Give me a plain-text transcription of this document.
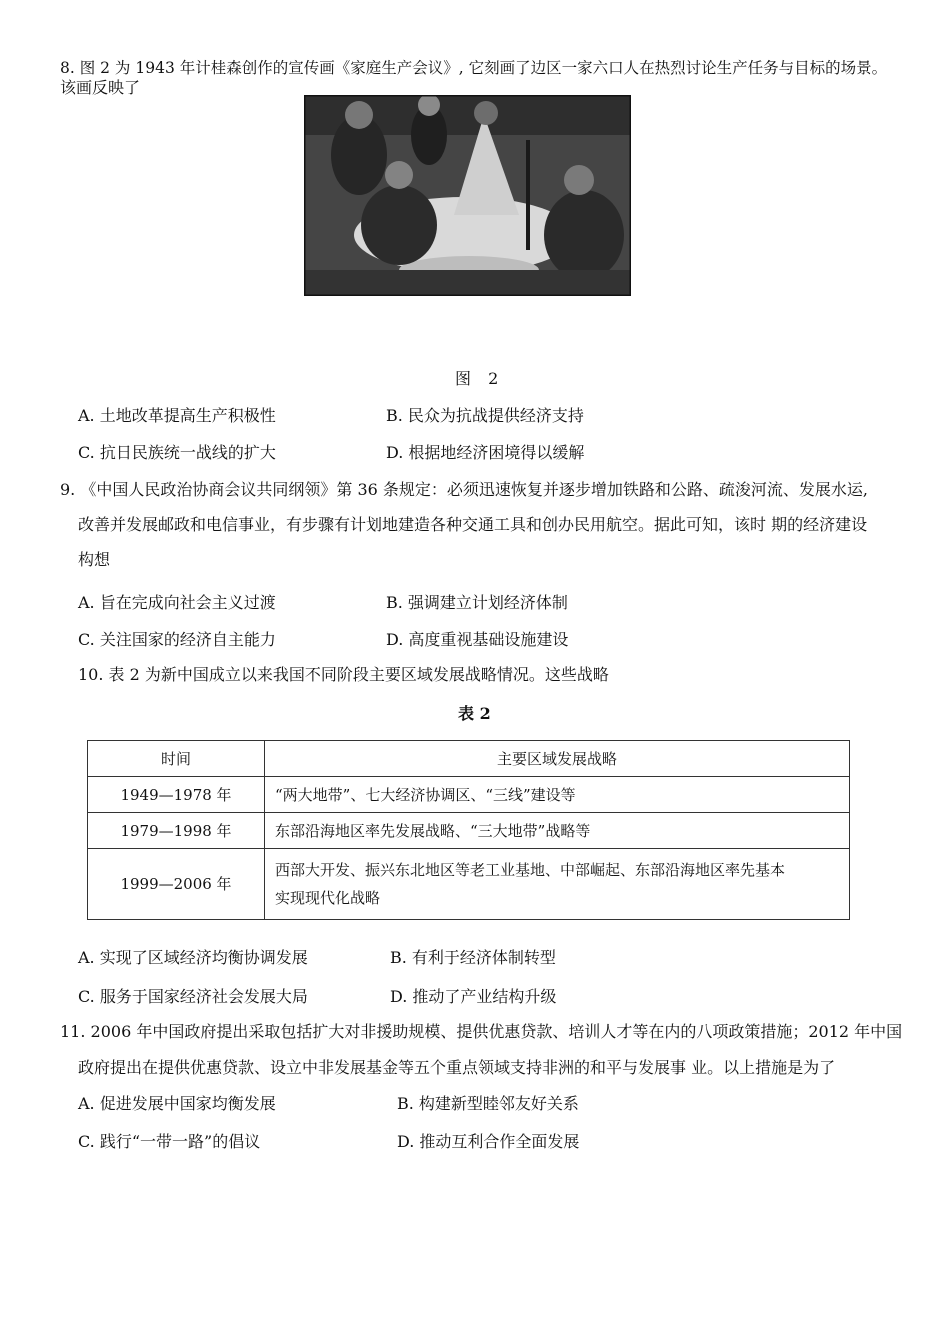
8. 图 2 为 1943 年计桂森创作的宣传画《家庭生产会议》, 它刻画了边区一家六口人在热烈讨论生产任务与目标的场景。
该画反映了
图 2
A. 土地改革提高生产积极性	B. 民众为抗战提供经济支持
C. 抗日民族统一战线的扩大	D. 根据地经济困境得以缓解
9. 《中国人民政治协商会议共同纲领》第 36 条规定：必须迅速恢复并逐步增加铁路和公路、疏浚河流、发展水运,
改善并发展邮政和电信事业，有步骤有计划地建造各种交通工具和创办民用航空。据此可知，该时 期的经济建设
构想
A. 旨在完成向社会主义过渡	B. 强调建立计划经济体制
C. 关注国家的经济自主能力	D. 高度重视基础设施建设
10. 表 2 为新中国成立以来我国不同阶段主要区域发展战略情况。这些战略
表 2
时间	主要区域发展战略
1949—1978 年	“两大地带”、七大经济协调区、“三线”建设等
1979—1998 年	东部沿海地区率先发展战略、“三大地带”战略等
1999—2006 年	西部大开发、振兴东北地区等老工业基地、中部崛起、东部沿海地区率先基本
实现现代化战略
A. 实现了区域经济均衡协调发展	B. 有利于经济体制转型
C. 服务于国家经济社会发展大局	D. 推动了产业结构升级
11. 2006 年中国政府提出采取包括扩大对非援助规模、提供优惠贷款、培训人才等在内的八项政策措施；2012 年中国
政府提出在提供优惠贷款、设立中非发展基金等五个重点领域支持非洲的和平与发展事 业。以上措施是为了
A. 促进发展中国家均衡发展	B. 构建新型睦邻友好关系
C. 践行“一带一路”的倡议	D. 推动互利合作全面发展
